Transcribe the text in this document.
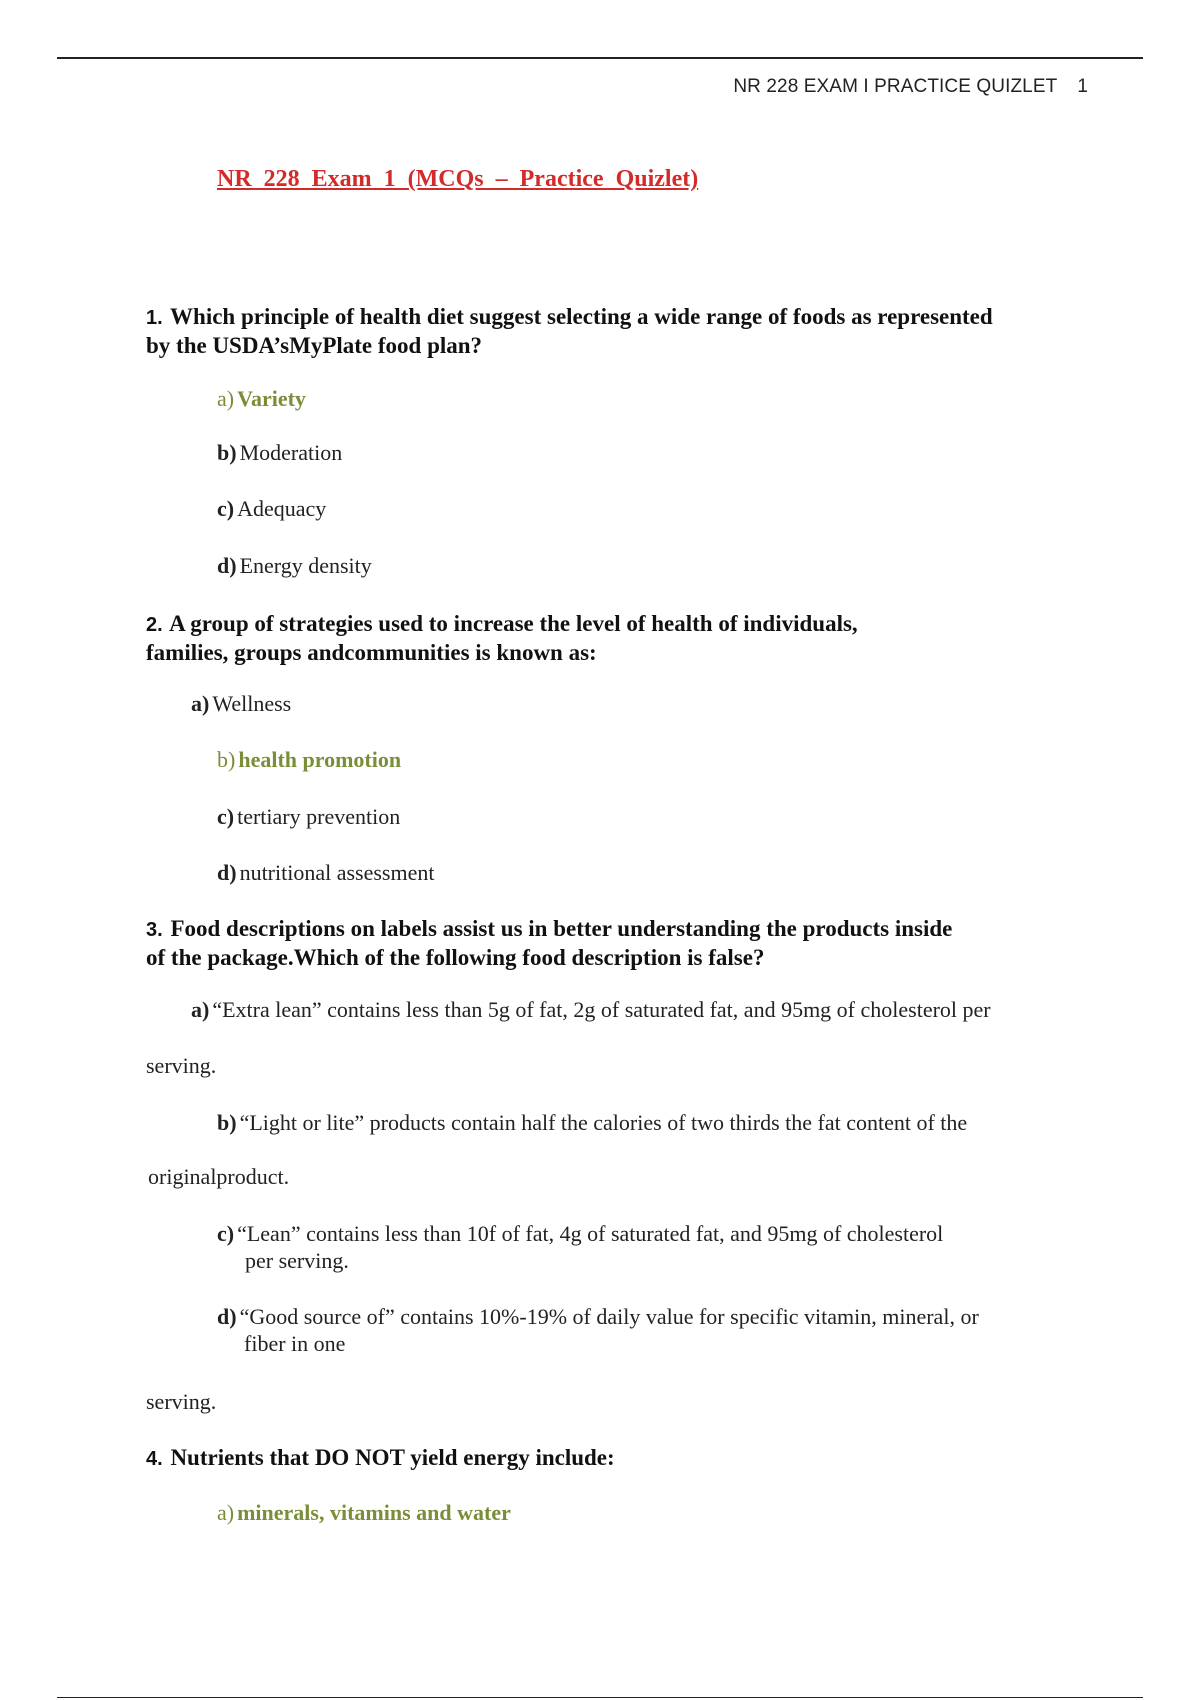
NR 228 EXAM I PRACTICE QUIZLET 1
NR 228 Exam 1 (MCQs – Practice Quizlet)
1. Which principle of health diet suggest selecting a wide range of foods as represented
by the USDA’sMyPlate food plan?
a) Variety
b) Moderation
c) Adequacy
d) Energy density
2. A group of strategies used to increase the level of health of individuals,
families, groups andcommunities is known as:
a) Wellness
b) health promotion
c) tertiary prevention
d) nutritional assessment
3. Food descriptions on labels assist us in better understanding the products inside
of the package.Which of the following food description is false?
a) “Extra lean” contains less than 5g of fat, 2g of saturated fat, and 95mg of cholesterol per
serving.
b) “Light or lite” products contain half the calories of two thirds the fat content of the
originalproduct.
c) “Lean” contains less than 10f of fat, 4g of saturated fat, and 95mg of cholesterol
per serving.
d) “Good source of” contains 10%-19% of daily value for specific vitamin, mineral, or
fiber in one
serving.
4. Nutrients that DO NOT yield energy include:
a) minerals, vitamins and water
